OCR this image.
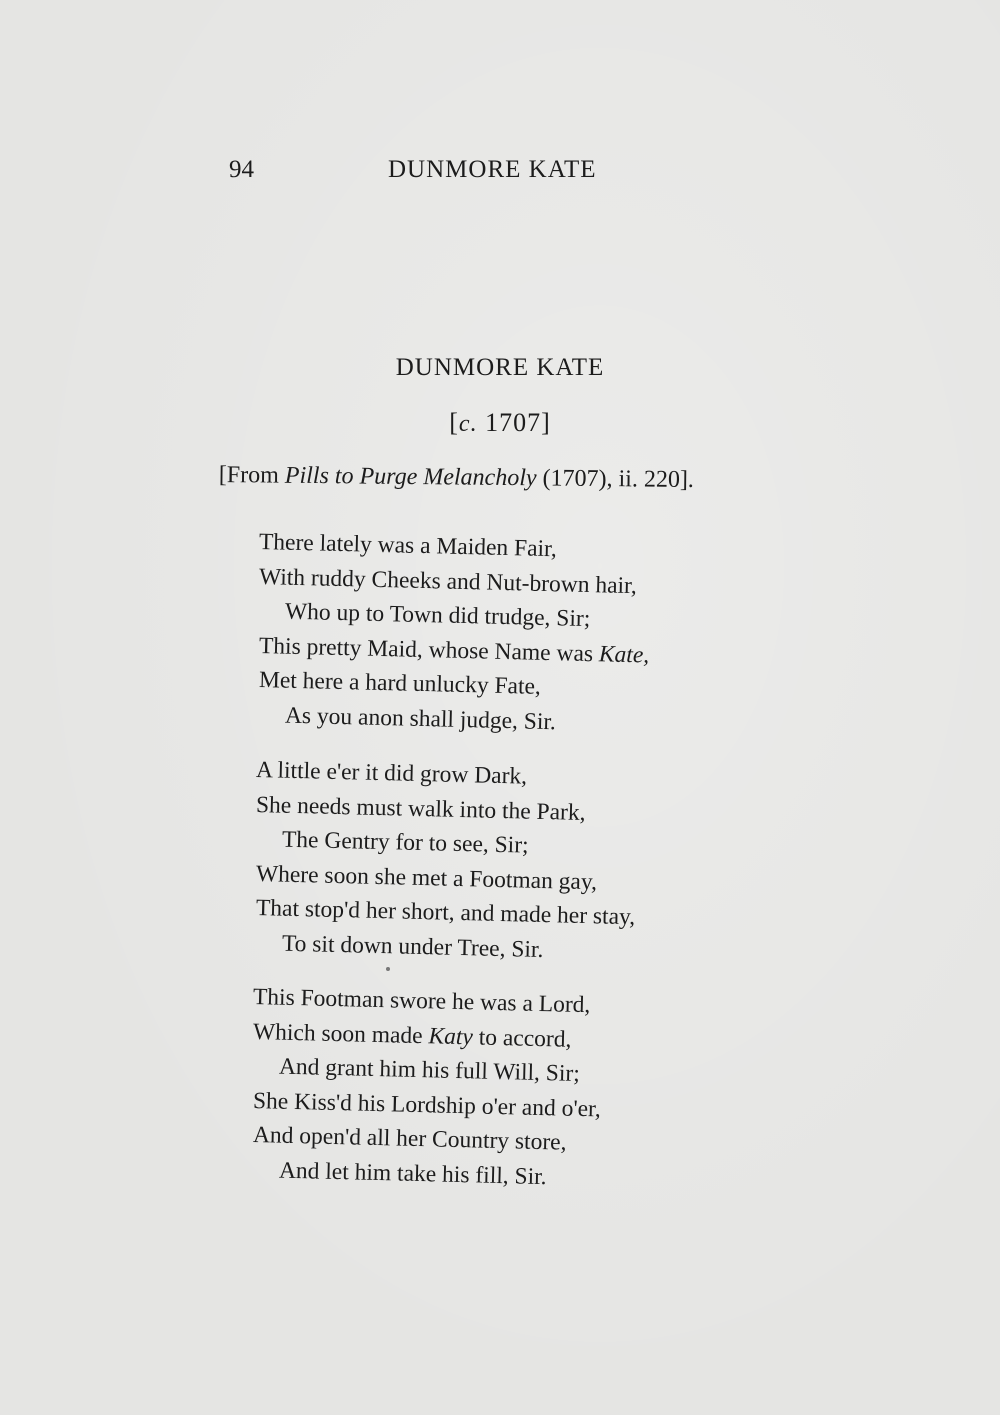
94	DUNMORE KATE
DUNMORE KATE
[c. 1707]
[From Pills to Purge Melancholy (1707), ii. 220].
There lately was a Maiden Fair,
With ruddy Cheeks and Nut-brown hair,
Who up to Town did trudge, Sir;
This pretty Maid, whose Name was Kate,
Met here a hard unlucky Fate,
As you anon shall judge, Sir.
A little e'er it did grow Dark,
She needs must walk into the Park,
The Gentry for to see, Sir;
Where soon she met a Footman gay,
That stop'd her short, and made her stay,
To sit down under Tree, Sir.
This Footman swore he was a Lord,
Which soon made Katy to accord,
And grant him his full Will, Sir;
She Kiss'd his Lordship o'er and o'er,
And open'd all her Country store,
And let him take his fill, Sir.
